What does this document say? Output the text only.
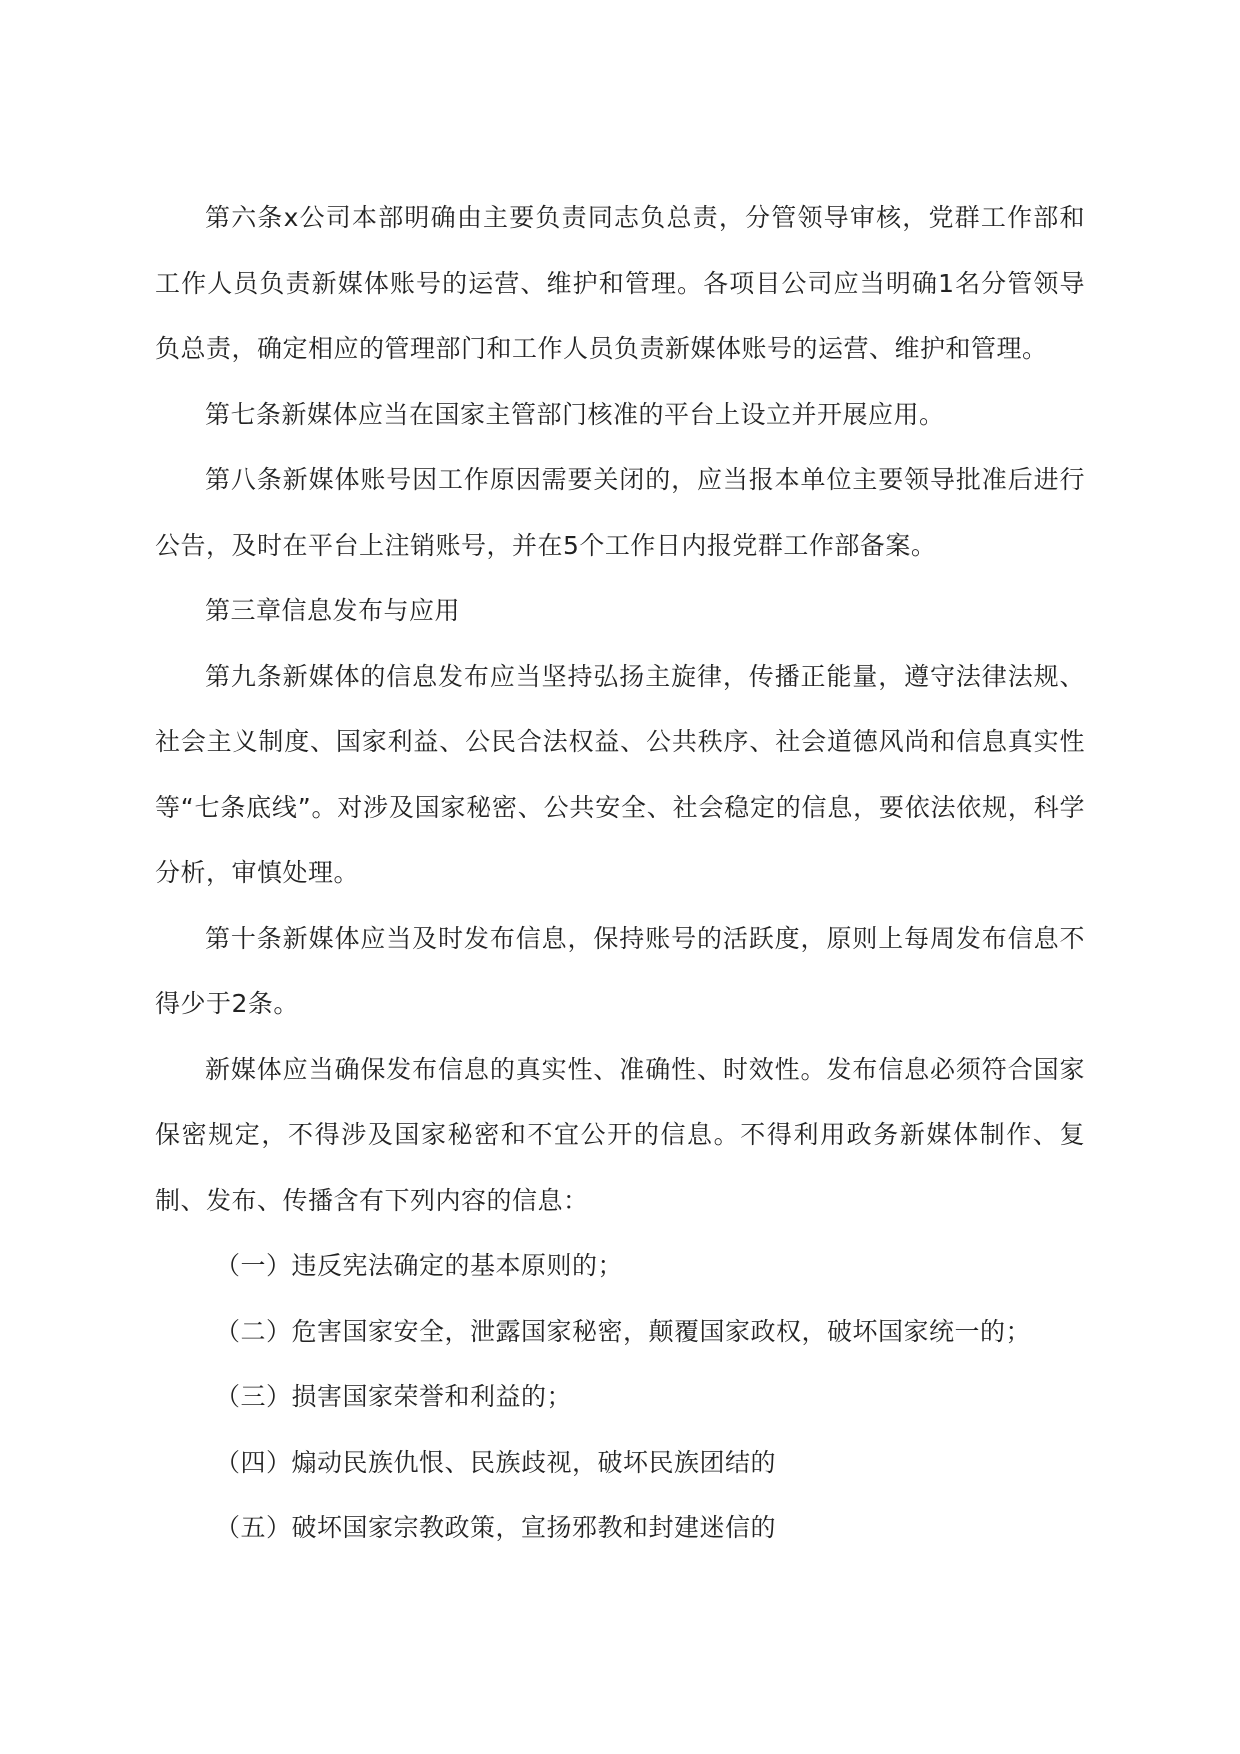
第六条x公司本部明确由主要负责同志负总责，分管领导审核，党群工作部和工作人员负责新媒体账号的运营、维护和管理。各项目公司应当明确1名分管领导负总责，确定相应的管理部门和工作人员负责新媒体账号的运营、维护和管理。

第七条新媒体应当在国家主管部门核准的平台上设立并开展应用。

第八条新媒体账号因工作原因需要关闭的，应当报本单位主要领导批准后进行公告，及时在平台上注销账号，并在5个工作日内报党群工作部备案。

第三章信息发布与应用

第九条新媒体的信息发布应当坚持弘扬主旋律，传播正能量，遵守法律法规、社会主义制度、国家利益、公民合法权益、公共秩序、社会道德风尚和信息真实性等“七条底线”。对涉及国家秘密、公共安全、社会稳定的信息，要依法依规，科学分析，审慎处理。

第十条新媒体应当及时发布信息，保持账号的活跃度，原则上每周发布信息不得少于2条。

新媒体应当确保发布信息的真实性、准确性、时效性。发布信息必须符合国家保密规定，不得涉及国家秘密和不宜公开的信息。不得利用政务新媒体制作、复制、发布、传播含有下列内容的信息：

（一）违反宪法确定的基本原则的；

（二）危害国家安全，泄露国家秘密，颠覆国家政权，破坏国家统一的；

（三）损害国家荣誉和利益的；

（四）煽动民族仇恨、民族歧视，破坏民族团结的

（五）破坏国家宗教政策，宣扬邪教和封建迷信的
